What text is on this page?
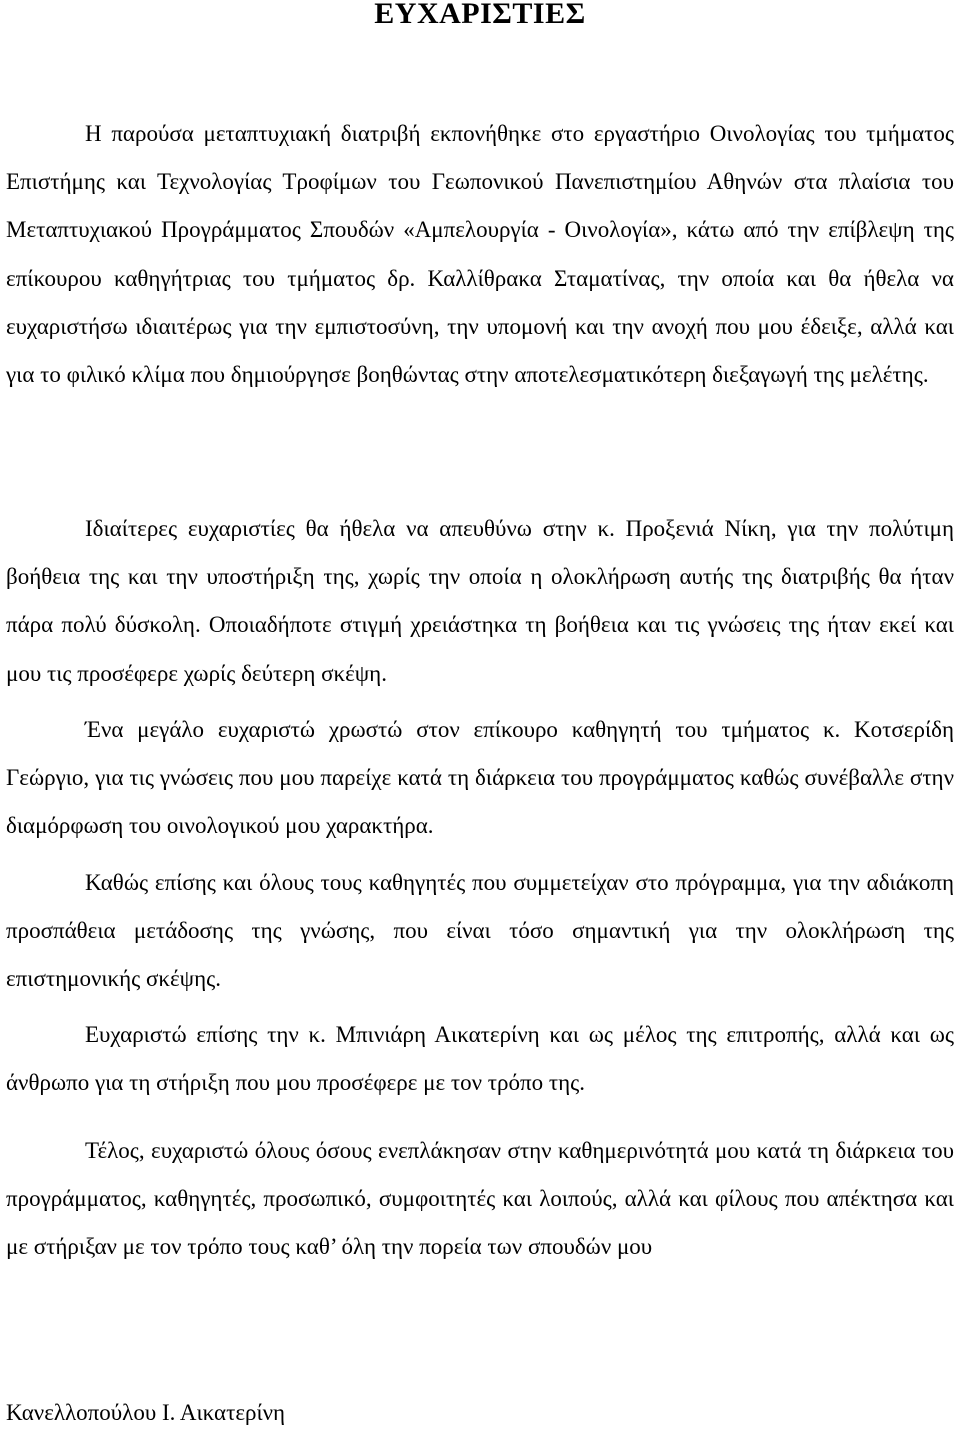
ΕΥΧΑΡΙΣΤΙΕΣ

Η παρούσα μεταπτυχιακή διατριβή εκπονήθηκε στο εργαστήριο Οινολογίας του τμήματος Επιστήμης και Τεχνολογίας Τροφίμων του Γεωπονικού Πανεπιστημίου Αθηνών στα πλαίσια του Μεταπτυχιακού Προγράμματος Σπουδών «Αμπελουργία - Οινολογία», κάτω από την επίβλεψη της επίκουρου καθηγήτριας του τμήματος δρ. Καλλίθρακα Σταματίνας, την οποία και θα ήθελα να ευχαριστήσω ιδιαιτέρως για την εμπιστοσύνη, την υπομονή και την ανοχή που μου έδειξε, αλλά και για το φιλικό κλίμα που δημιούργησε βοηθώντας στην αποτελεσματικότερη διεξαγωγή της μελέτης.

Ιδιαίτερες ευχαριστίες θα ήθελα να απευθύνω στην κ. Προξενιά Νίκη, για την πολύτιμη βοήθεια της και την υποστήριξη της, χωρίς την οποία η ολοκλήρωση αυτής της διατριβής θα ήταν πάρα πολύ δύσκολη. Οποιαδήποτε στιγμή χρειάστηκα τη βοήθεια και τις γνώσεις της ήταν εκεί και μου τις προσέφερε χωρίς δεύτερη σκέψη.

Ένα μεγάλο ευχαριστώ χρωστώ στον επίκουρο καθηγητή του τμήματος κ. Κοτσερίδη Γεώργιο, για τις γνώσεις που μου παρείχε κατά τη διάρκεια του προγράμματος καθώς συνέβαλλε στην διαμόρφωση του οινολογικού μου χαρακτήρα.

Καθώς επίσης και όλους τους καθηγητές που συμμετείχαν στο πρόγραμμα, για την αδιάκοπη προσπάθεια μετάδοσης της γνώσης, που είναι τόσο σημαντική για την ολοκλήρωση της επιστημονικής σκέψης.

Ευχαριστώ επίσης την κ. Μπινιάρη Αικατερίνη και ως μέλος της επιτροπής, αλλά και ως άνθρωπο για τη στήριξη που μου προσέφερε με τον τρόπο της.

Τέλος, ευχαριστώ όλους όσους ενεπλάκησαν στην καθημερινότητά μου κατά τη διάρκεια του προγράμματος, καθηγητές, προσωπικό, συμφοιτητές και λοιπούς, αλλά και φίλους που απέκτησα και με στήριξαν με τον τρόπο τους καθ’ όλη την πορεία των σπουδών μου

Κανελλοπούλου Ι. Αικατερίνη
